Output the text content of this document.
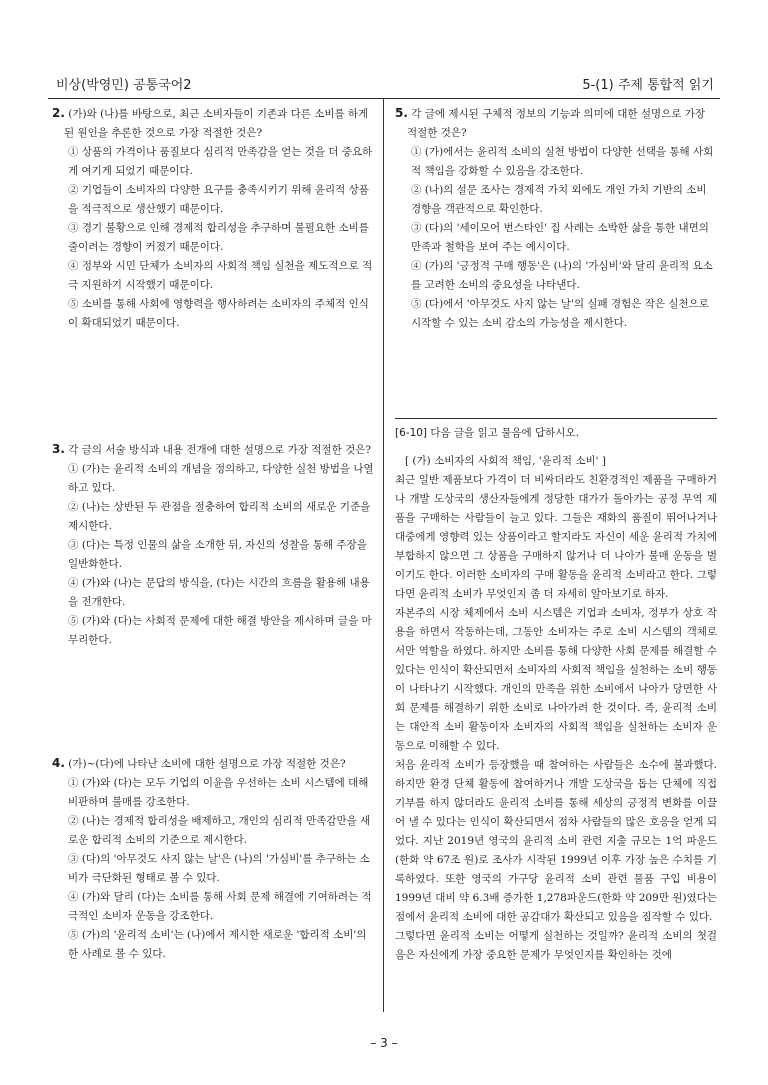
비상(박영민) 공통국어2	5-(1) 주제 통합적 읽기

2. (가)와 (나)를 바탕으로, 최근 소비자들이 기존과 다른 소비를 하게 된 원인을 추론한 것으로 가장 적절한 것은?

① 상품의 가격이나 품질보다 심리적 만족감을 얻는 것을 더 중요하게 여기게 되었기 때문이다.

② 기업들이 소비자의 다양한 요구를 충족시키기 위해 윤리적 상품을 적극적으로 생산했기 때문이다.

③ 경기 불황으로 인해 경제적 합리성을 추구하며 불필요한 소비를 줄이려는 경향이 커졌기 때문이다.

④ 정부와 시민 단체가 소비자의 사회적 책임 실천을 제도적으로 적극 지원하기 시작했기 때문이다.

⑤ 소비를 통해 사회에 영향력을 행사하려는 소비자의 주체적 인식이 확대되었기 때문이다.

3. 각 글의 서술 방식과 내용 전개에 대한 설명으로 가장 적절한 것은?

① (가)는 윤리적 소비의 개념을 정의하고, 다양한 실천 방법을 나열하고 있다.

② (나)는 상반된 두 관점을 절충하여 합리적 소비의 새로운 기준을 제시한다.

③ (다)는 특정 인물의 삶을 소개한 뒤, 자신의 성찰을 통해 주장을 일반화한다.

④ (가)와 (나)는 문답의 방식을, (다)는 시간의 흐름을 활용해 내용을 전개한다.

⑤ (가)와 (다)는 사회적 문제에 대한 해결 방안을 제시하며 글을 마무리한다.

4. (가)~(다)에 나타난 소비에 대한 설명으로 가장 적절한 것은?

① (가)와 (다)는 모두 기업의 이윤을 우선하는 소비 시스템에 대해 비판하며 불매를 강조한다.

② (나)는 경제적 합리성을 배제하고, 개인의 심리적 만족감만을 새로운 합리적 소비의 기준으로 제시한다.

③ (다)의 '아무것도 사지 않는 날'은 (나)의 '가심비'를 추구하는 소비가 극단화된 형태로 볼 수 있다.

④ (가)와 달리 (다)는 소비를 통해 사회 문제 해결에 기여하려는 적극적인 소비자 운동을 강조한다.

⑤ (가)의 '윤리적 소비'는 (나)에서 제시한 새로운 '합리적 소비'의 한 사례로 볼 수 있다.

5. 각 글에 제시된 구체적 정보의 기능과 의미에 대한 설명으로 가장 적절한 것은?

① (가)에서는 윤리적 소비의 실천 방법이 다양한 선택을 통해 사회적 책임을 강화할 수 있음을 강조한다.

② (나)의 설문 조사는 경제적 가치 외에도 개인 가치 기반의 소비 경향을 객관적으로 확인한다.

③ (다)의 '세이모어 번스타인' 집 사례는 소박한 삶을 통한 내면의 만족과 철학을 보여 주는 예시이다.

④ (가)의 '긍정적 구매 행동'은 (나)의 '가심비'와 달리 윤리적 요소를 고려한 소비의 중요성을 나타낸다.

⑤ (다)에서 '아무것도 사지 않는 날'의 실패 경험은 작은 실천으로 시작할 수 있는 소비 감소의 가능성을 제시한다.

[6-10] 다음 글을 읽고 물음에 답하시오.

[ (가) 소비자의 사회적 책임, '윤리적 소비' ]

최근 일반 제품보다 가격이 더 비싸더라도 친환경적인 제품을 구매하거나 개발 도상국의 생산자들에게 정당한 대가가 돌아가는 공정 무역 제품을 구매하는 사람들이 늘고 있다. 그들은 재화의 품질이 뛰어나거나 대중에게 영향력 있는 상품이라고 할지라도 자신이 세운 윤리적 가치에 부합하지 않으면 그 상품을 구매하지 않거나 더 나아가 불매 운동을 벌이기도 한다. 이러한 소비자의 구매 활동을 윤리적 소비라고 한다. 그렇다면 윤리적 소비가 무엇인지 좀 더 자세히 알아보기로 하자.

자본주의 시장 체제에서 소비 시스템은 기업과 소비자, 정부가 상호 작용을 하면서 작동하는데, 그동안 소비자는 주로 소비 시스템의 객체로서만 역할을 하였다. 하지만 소비를 통해 다양한 사회 문제를 해결할 수 있다는 인식이 확산되면서 소비자의 사회적 책임을 실천하는 소비 행동이 나타나기 시작했다. 개인의 만족을 위한 소비에서 나아가 당면한 사회 문제를 해결하기 위한 소비로 나아가려 한 것이다. 즉, 윤리적 소비는 대안적 소비 활동이자 소비자의 사회적 책임을 실천하는 소비자 운동으로 이해할 수 있다.

처음 윤리적 소비가 등장했을 때 참여하는 사람들은 소수에 불과했다. 하지만 환경 단체 활동에 참여하거나 개발 도상국을 돕는 단체에 직접 기부를 하지 않더라도 윤리적 소비를 통해 세상의 긍정적 변화를 이끌어 낼 수 있다는 인식이 확산되면서 점차 사람들의 많은 호응을 얻게 되었다. 지난 2019년 영국의 윤리적 소비 관련 지출 규모는 1억 파운드(한화 약 67조 원)로 조사가 시작된 1999년 이후 가장 높은 수치를 기록하였다. 또한 영국의 가구당 윤리적 소비 관련 물품 구입 비용이 1999년 대비 약 6.3배 증가한 1,278파운드(한화 약 209만 원)였다는 점에서 윤리적 소비에 대한 공감대가 확산되고 있음을 짐작할 수 있다.

그렇다면 윤리적 소비는 어떻게 실천하는 것일까? 윤리적 소비의 첫걸음은 자신에게 가장 중요한 문제가 무엇인지를 확인하는 것에

– 3 –
